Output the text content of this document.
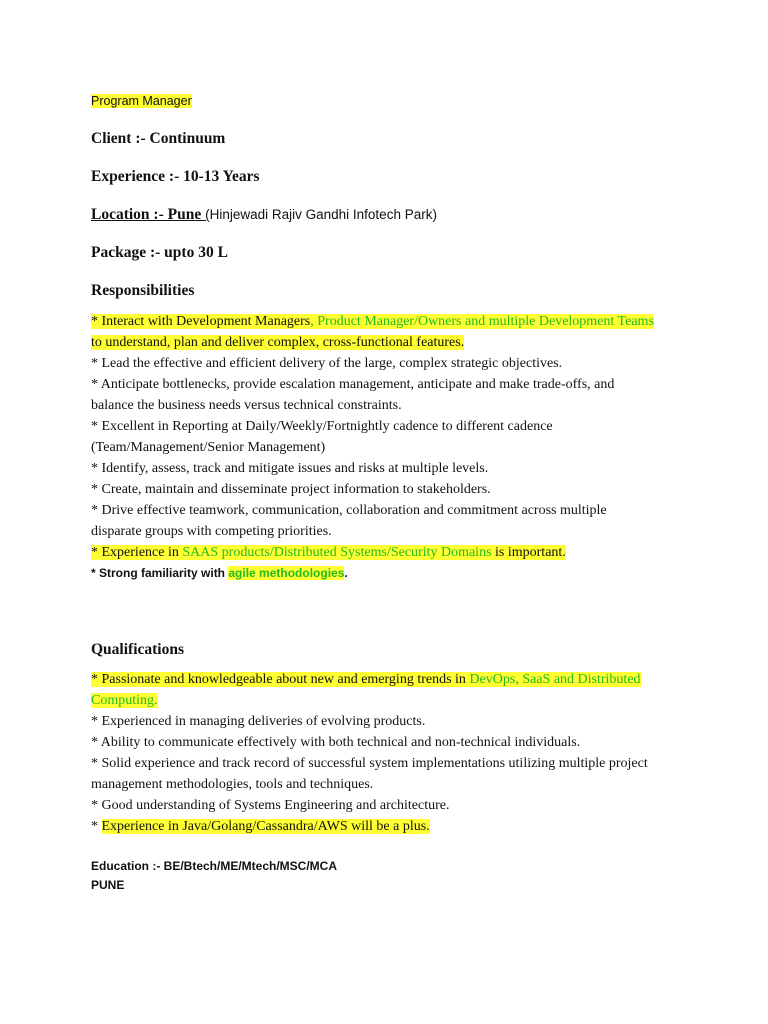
Program Manager
Client :- Continuum
Experience :- 10-13 Years
Location :- Pune (Hinjewadi Rajiv Gandhi Infotech Park)
Package :- upto 30 L
Responsibilities
* Interact with Development Managers, Product Manager/Owners and multiple Development Teams
to understand, plan and deliver complex, cross-functional features.
* Lead the effective and efficient delivery of the large, complex strategic objectives.
* Anticipate bottlenecks, provide escalation management, anticipate and make trade-offs, and
balance the business needs versus technical constraints.
* Excellent in Reporting at Daily/Weekly/Fortnightly cadence to different cadence
(Team/Management/Senior Management)
* Identify, assess, track and mitigate issues and risks at multiple levels.
* Create, maintain and disseminate project information to stakeholders.
* Drive effective teamwork, communication, collaboration and commitment across multiple
disparate groups with competing priorities.
* Experience in SAAS products/Distributed Systems/Security Domains is important.
* Strong familiarity with agile methodologies.
Qualifications
* Passionate and knowledgeable about new and emerging trends in DevOps, SaaS and Distributed
Computing.
* Experienced in managing deliveries of evolving products.
* Ability to communicate effectively with both technical and non-technical individuals.
* Solid experience and track record of successful system implementations utilizing multiple project
management methodologies, tools and techniques.
* Good understanding of Systems Engineering and architecture.
* Experience in Java/Golang/Cassandra/AWS will be a plus.
Education :- BE/Btech/ME/Mtech/MSC/MCA
PUNE
